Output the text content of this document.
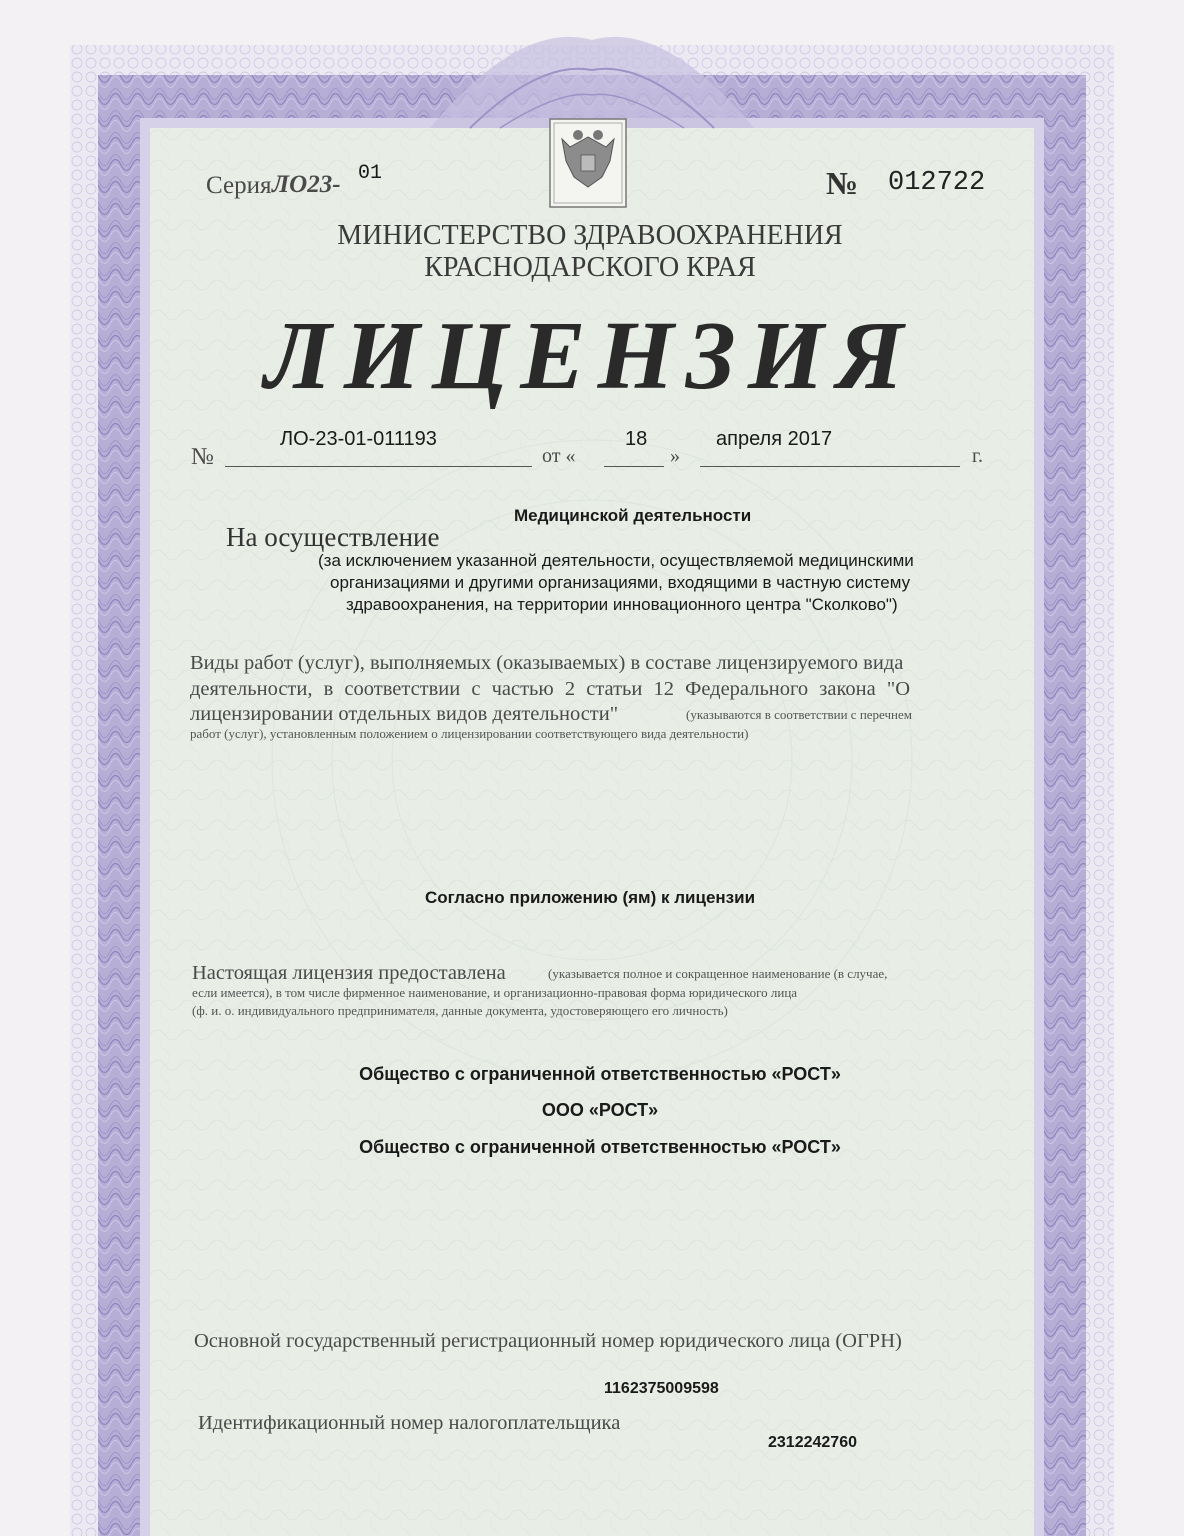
Серия ЛО23- 01	№ 012722
МИНИСТЕРСТВО ЗДРАВООХРАНЕНИЯ
КРАСНОДАРСКОГО КРАЯ
ЛИЦЕНЗИЯ
№
ЛО-23-01-011193
от «
18
»
апреля 2017
г.
Медицинской деятельности
На осуществление
(за исключением указанной деятельности, осуществляемой медицинскими
организациями и другими организациями, входящими в частную систему
здравоохранения, на территории инновационного центра "Сколково")
Виды работ (услуг), выполняемых (оказываемых) в составе лицензируемого вида
деятельности, в соответствии с частью 2 статьи 12 Федерального закона "О
лицензировании отдельных видов деятельности"	(указываются в соответствии с перечнем
работ (услуг), установленным положением о лицензировании соответствующего вида деятельности)
Согласно приложению (ям) к лицензии
Настоящая лицензия предоставлена	(указывается полное и сокращенное наименование (в случае,
если имеется), в том числе фирменное наименование, и организационно-правовая форма юридического лица
(ф. и. о. индивидуального предпринимателя, данные документа, удостоверяющего его личность)
Общество с ограниченной ответственностью «РОСТ»
ООО «РОСТ»
Общество с ограниченной ответственностью «РОСТ»
Основной государственный регистрационный номер юридического лица (ОГРН)
1162375009598
Идентификационный номер налогоплательщика
2312242760
